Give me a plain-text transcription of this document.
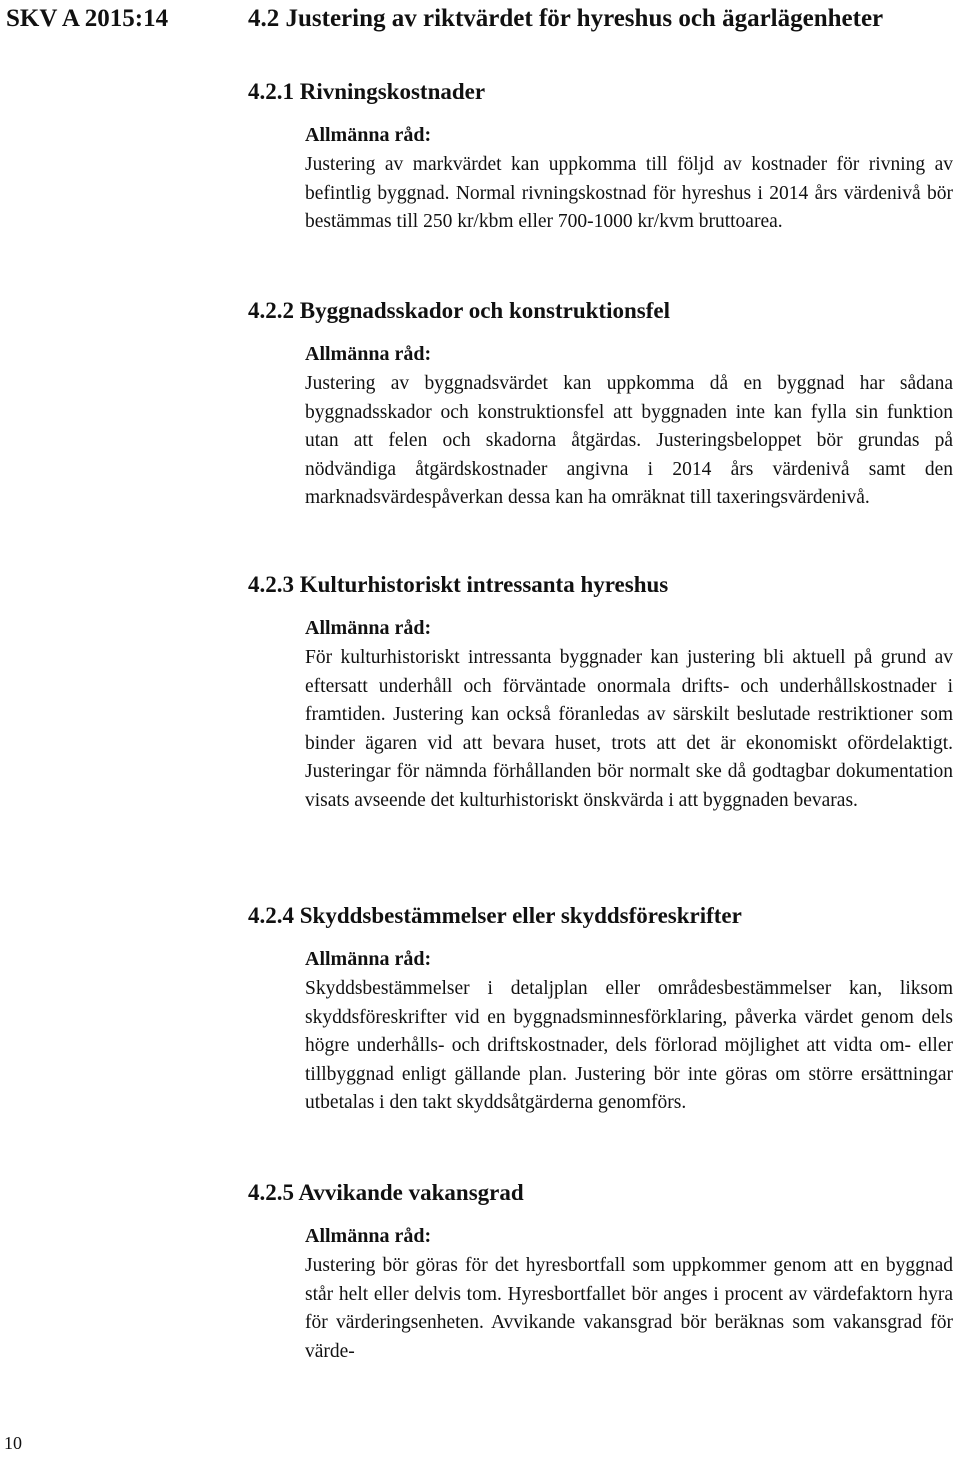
SKV A 2015:14	4.2 Justering av riktvärdet för hyreshus och ägarlägenheter
4.2.1 Rivningskostnader
Allmänna råd:
Justering av markvärdet kan uppkomma till följd av kostnader för rivning av befintlig byggnad. Normal rivningskostnad för hyreshus i 2014 års värdenivå bör bestämmas till 250 kr/kbm eller 700-1000 kr/kvm bruttoarea.
4.2.2 Byggnadsskador och konstruktionsfel
Allmänna råd:
Justering av byggnadsvärdet kan uppkomma då en byggnad har sådana byggnadsskador och konstruktionsfel att byggnaden inte kan fylla sin funktion utan att felen och skadorna åtgärdas. Justeringsbeloppet bör grundas på nödvändiga åtgärdskostnader angivna i 2014 års värdenivå samt den marknadsvärdespåverkan dessa kan ha omräknat till taxeringsvärdenivå.
4.2.3 Kulturhistoriskt intressanta hyreshus
Allmänna råd:
För kulturhistoriskt intressanta byggnader kan justering bli aktuell på grund av eftersatt underhåll och förväntade onormala drifts- och underhållskostnader i framtiden. Justering kan också föranledas av särskilt beslutade restriktioner som binder ägaren vid att bevara huset, trots att det är ekonomiskt ofördelaktigt. Justeringar för nämnda förhållanden bör normalt ske då godtagbar dokumentation visats avseende det kulturhistoriskt önskvärda i att byggnaden bevaras.
4.2.4 Skyddsbestämmelser eller skyddsföreskrifter
Allmänna råd:
Skyddsbestämmelser i detaljplan eller områdesbestämmelser kan, liksom skyddsföreskrifter vid en byggnadsminnesförklaring, påverka värdet genom dels högre underhålls- och driftskostnader, dels förlorad möjlighet att vidta om- eller tillbyggnad enligt gällande plan. Justering bör inte göras om större ersättningar utbetalas i den takt skyddsåtgärderna genomförs.
4.2.5 Avvikande vakansgrad
Allmänna råd:
Justering bör göras för det hyresbortfall som uppkommer genom att en byggnad står helt eller delvis tom. Hyresbortfallet bör anges i procent av värdefaktorn hyra för värderingsenheten. Avvikande vakansgrad bör beräknas som vakansgrad för värde-
10
